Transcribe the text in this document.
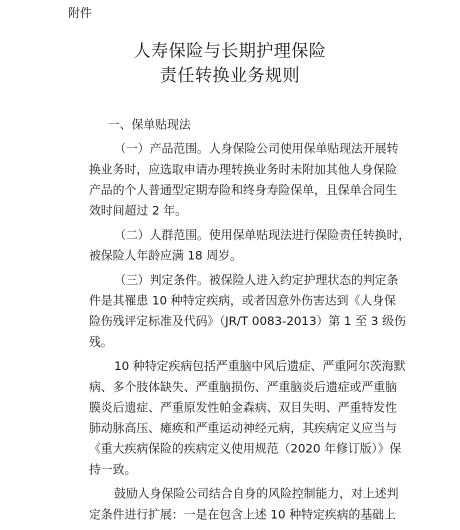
附件
人寿保险与长期护理保险
责任转换业务规则
一、保单贴现法
（一）产品范围。人身保险公司使用保单贴现法开展转
换业务时，应选取申请办理转换业务时未附加其他人身保险
产品的个人普通型定期寿险和终身寿险保单，且保单合同生
效时间超过 2 年。
（二）人群范围。使用保单贴现法进行保险责任转换时，
被保险人年龄应满 18 周岁。
（三）判定条件。被保险人进入约定护理状态的判定条
件是其罹患 10 种特定疾病，或者因意外伤害达到《人身保
险伤残评定标准及代码》（JR/T 0083-2013）第 1 至 3 级伤
残。
10 种特定疾病包括严重脑中风后遗症、严重阿尔茨海默
病、多个肢体缺失、严重脑损伤、严重脑炎后遗症或严重脑
膜炎后遗症、严重原发性帕金森病、双目失明、严重特发性
肺动脉高压、瘫痪和严重运动神经元病，其疾病定义应当与
《重大疾病保险的疾病定义使用规范（2020 年修订版）》保
持一致。
鼓励人身保险公司结合自身的风险控制能力，对上述判
定条件进行扩展：一是在包含上述 10 种特定疾病的基础上
